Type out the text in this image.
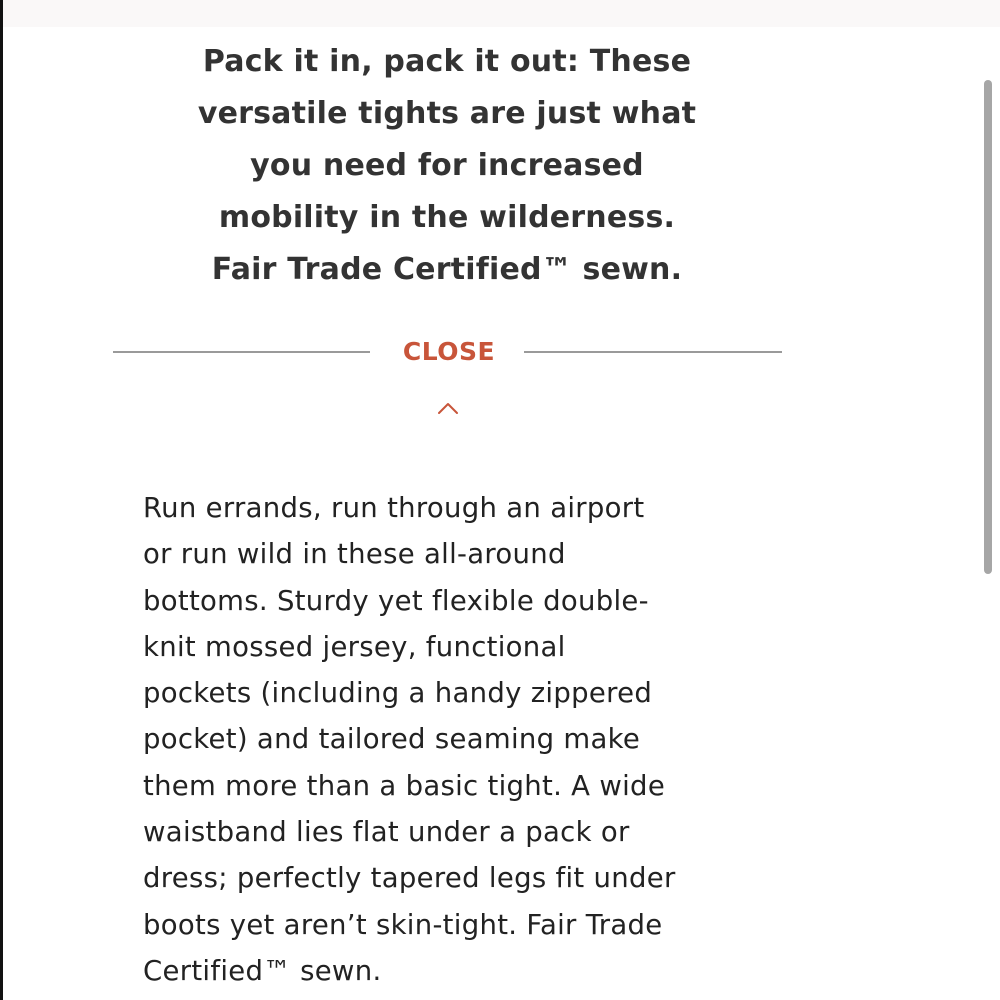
Pack it in, pack it out: These
versatile tights are just what
you need for increased
mobility in the wilderness.
Fair Trade Certified™ sewn.
CLOSE
Run errands, run through an airport
or run wild in these all-around
bottoms. Sturdy yet flexible double-
knit mossed jersey, functional
pockets (including a handy zippered
pocket) and tailored seaming make
them more than a basic tight. A wide
waistband lies flat under a pack or
dress; perfectly tapered legs fit under
boots yet aren’t skin-tight. Fair Trade
Certified™ sewn.
